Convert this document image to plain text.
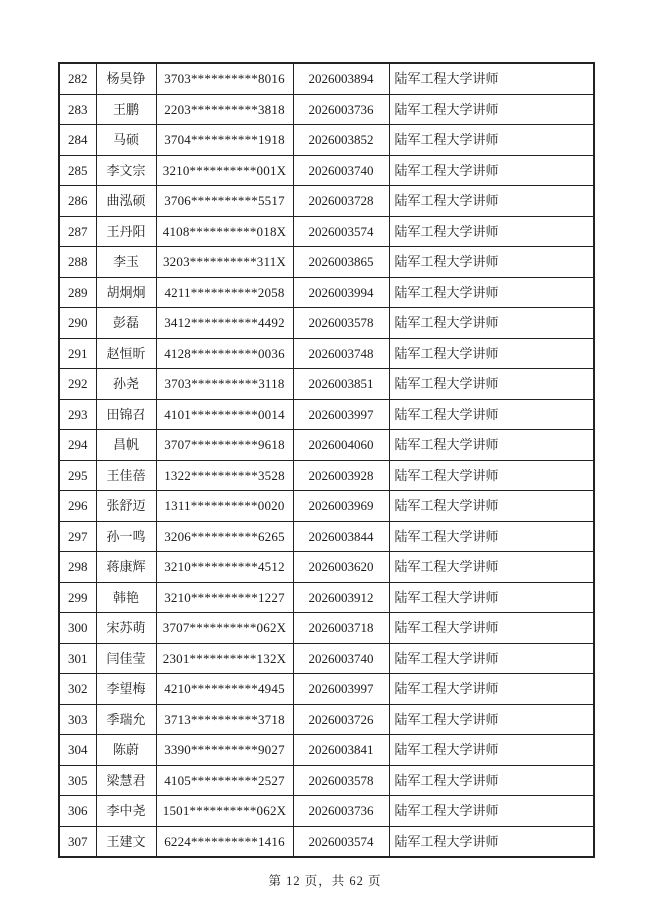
282	杨昊铮	3703**********8016	2026003894	陆军工程大学讲师
283	王鹏	2203**********3818	2026003736	陆军工程大学讲师
284	马硕	3704**********1918	2026003852	陆军工程大学讲师
285	李文宗	3210**********001X	2026003740	陆军工程大学讲师
286	曲泓硕	3706**********5517	2026003728	陆军工程大学讲师
287	王丹阳	4108**********018X	2026003574	陆军工程大学讲师
288	李玉	3203**********311X	2026003865	陆军工程大学讲师
289	胡炯炯	4211**********2058	2026003994	陆军工程大学讲师
290	彭磊	3412**********4492	2026003578	陆军工程大学讲师
291	赵恒昕	4128**********0036	2026003748	陆军工程大学讲师
292	孙尧	3703**********3118	2026003851	陆军工程大学讲师
293	田锦召	4101**********0014	2026003997	陆军工程大学讲师
294	昌帆	3707**********9618	2026004060	陆军工程大学讲师
295	王佳蓓	1322**********3528	2026003928	陆军工程大学讲师
296	张舒迈	1311**********0020	2026003969	陆军工程大学讲师
297	孙一鸣	3206**********6265	2026003844	陆军工程大学讲师
298	蒋康辉	3210**********4512	2026003620	陆军工程大学讲师
299	韩艳	3210**********1227	2026003912	陆军工程大学讲师
300	宋苏萌	3707**********062X	2026003718	陆军工程大学讲师
301	闫佳莹	2301**********132X	2026003740	陆军工程大学讲师
302	李望梅	4210**********4945	2026003997	陆军工程大学讲师
303	季瑞允	3713**********3718	2026003726	陆军工程大学讲师
304	陈蔚	3390**********9027	2026003841	陆军工程大学讲师
305	梁慧君	4105**********2527	2026003578	陆军工程大学讲师
306	李中尧	1501**********062X	2026003736	陆军工程大学讲师
307	王建文	6224**********1416	2026003574	陆军工程大学讲师
第 12 页，共 62 页
